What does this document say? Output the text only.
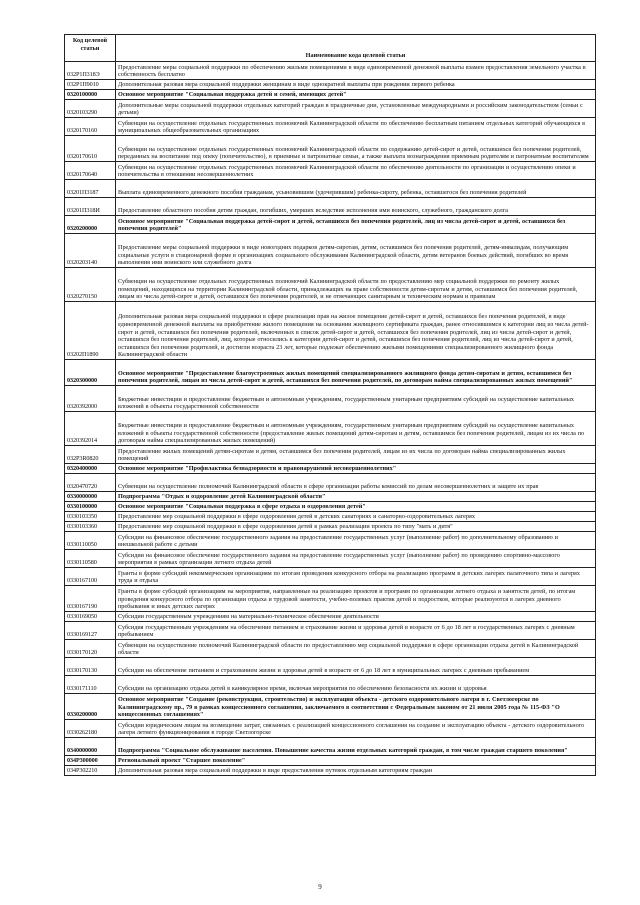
Код целевой статьи	Наименование кода целевой статьи
032Р1П318Э	Предоставление меры социальной поддержки по обеспечению жильми помещениями в виде единовременной денежной выплаты взамен предоставления земельного участка в собственность бесплатно
032Р1П9010	Дополнительная разовая мера социальной поддержки женщинам в виде однократной выплаты при рождении первого ребенка
0320100000	Основное мероприятие "Социальная поддержка детей и семей, имеющих детей"
0320103290	Дополнительные меры социальной поддержки отдельных категорий граждан в праздничные дни, установленные международными и российским законодательством (семьи с детьми)
0320170160	Субвенции на осуществление отдельных государственных полномочий Калининградской области по обеспечению бесплатным питанием отдельных категорий обучающихся в муниципальных общеобразовательных организациях
0320170610	Субвенции на осуществление отдельных государственных полномочий Калининградской области по содержанию детей-сирот и детей, оставшихся без попечения родителей, переданных на воспитание под опеку (попечительство), в приемные и патронатные семьи, а также выплата вознаграждения приемным родителям и патронатным воспитателям
0320170640	Субвенции на осуществление отдельных государственных полномочий Калининградской области по обеспечению деятельности по организации и осуществлению опеки и попечительства в отношении несовершеннолетних
03201П3187	Выплата единовременного денежного пособия гражданам, усыновившим (удочерившим) ребенка-сироту, ребенка, оставшегося без попечения родителей
03201П318И	Предоставление областного пособия детям граждан, погибших, умерших вследствие исполнения ими воинского, служебного, гражданского долга
0320200000	Основное мероприятие "Социальная поддержка детей-сирот и детей, оставшихся без попечения родителей, лиц из числа детей-сирот и детей, оставшихся без попечения родителей"
0320203140	Предоставление меры социальной поддержки в виде новогодних подарков детям-сиротам, детям, оставшимся без попечения родителей, детям-инвалидам, получающим социальные услуги в стационарной форме в организациях социального обслуживания Калининградской области, детям ветеранов боевых действий, погибших во время выполнения ими воинского или служебного долга
0320270150	Субвенции на осуществление отдельных государственных полномочий Калининградской области по предоставлению мер социальной поддержки по ремонту жилых помещений, находящихся на территории Калининградской области, принадлежащих на праве собственности детям-сиротам и детям, оставшимся без попечения родителей, лицам из числа детей-сирот и детей, оставшихся без попечения родителей, и не отвечающих санитарным и техническим нормам и правилам
03202П1890	Дополнительная разовая мера социальной поддержки в сфере реализации прав на жилое помещение детей-сирот и детей, оставшихся без попечения родителей, в виде единовременной денежной выплаты на приобретение жилого помещения на основании жилищного сертификата граждан, ранее относившимся к категории лиц из числа детей-сирот и детей, оставшихся без попечения родителей, включенных в список детей-сирот и детей, оставшихся без попечения родителей, лиц из числа детей-сирот и детей, оставшихся без попечения родителей, лиц, которые относились к категории детей-сирот и детей, оставшихся без попечения родителей, лиц из числа детей-сирот и детей, оставшихся без попечения родителей, и достигли возраста 23 лет, которые подлежат обеспечению жилыми помещениями специализированного жилищного фонда Калининградской области
0320300000	Основное мероприятие "Предоставление благоустроенных жилых помещений специализированного жилищного фонда детям-сиротам и детям, оставшимся без попечения родителей, лицам из числа детей-сирот и детей, оставшихся без попечения родителей, по договорам найма специализированных жилых помещений"
0320392000	Бюджетные инвестиции и предоставление бюджетным и автономным учреждениям, государственным унитарным предприятиям субсидий на осуществление капитальных вложений в объекты государственной собственности
0320392014	Бюджетные инвестиции и предоставление бюджетным и автономным учреждениям, государственным унитарным предприятиям субсидий на осуществление капитальных вложений в объекты государственной собственности (предоставление жилых помещений детям-сиротам и детям, оставшимся без попечения родителей, лицам из их числа по договорам найма специализированных жилых помещений)
032Р3R0820	Предоставление жилых помещений детям-сиротам и детям, оставшимся без попечения родителей, лицам из их числа по договорам найма специализированных жилых помещений
0320400000	Основное мероприятие "Профилактика безнадзорности и правонарушений несовершеннолетних"
0320470720	Субвенции на осуществление полномочий Калининградской области в сфере организации работы комиссий по делам несовершеннолетних и защите их прав
0330000000	Подпрограмма "Отдых и оздоровление детей Калининградской области"
0330100000	Основное мероприятие "Социальная поддержка в сфере отдыха и оздоровления детей"
0330103350	Предоставление мер социальной поддержки в сфере оздоровления детей в детских санаториях и санаторно-оздоровительных лагерях
0330103360	Предоставление мер социальной поддержки в сфере оздоровления детей в рамках реализации проекта по типу "мать и дитя"
0330110050	Субсидии на финансовое обеспечение государственного задания на предоставление государственных услуг (выполнение работ) по дополнительному образованию и внешкольной работе с детьми
0330110580	Субсидии на финансовое обеспечение государственного задания на предоставление государственных услуг (выполнение работ) по проведению спортивно-массового мероприятия в рамках организации летнего отдыха детей
0330167100	Гранты в форме субсидий некоммерческим организациям по итогам проведения конкурсного отбора на реализацию программ в детских лагерях палаточного типа и лагерях труда и отдыха
0330167190	Гранты в форме субсидий организациям на мероприятия, направленные на реализацию проектов и программ по организации летнего отдыха и занятости детей, по итогам проведения конкурсного отбора по организации отдыха и трудовой занятости, учебно-полевых практик детей и подростков, которые реализуются в лагерях дневного пребывания и иных детских лагерях
0330169050	Субсидии государственным учреждениям на материально-техническое обеспечение деятельности
0330169127	Субсидия государственным учреждениям на обеспечение питанием и страхование жизни и здоровья детей в возрасте от 6 до 18 лет в государственных лагерях с дневным пребыванием
0330170120	Субвенции на осуществление полномочий Калининградской области по предоставлению мер социальной поддержки в сфере организации отдыха детей в Калининградской области
0330170130	Субсидии на обеспечение питанием и страхованием жизни и здоровья детей в возрасте от 6 до 18 лет в муниципальных лагерях с дневным пребыванием
0330171110	Субсидии на организацию отдыха детей в каникулярное время, включая мероприятия по обеспечению безопасности их жизни и здоровья
0330200000	Основное мероприятие "Создание (реконструкция, строительство) и эксплуатация объекта - детского оздоровительного лагеря в г. Светлогорске по Калининградскому пр., 79 в рамках концессионного соглашения, заключаемого в соответствии с Федеральным законом от 21 июля 2005 года № 115-ФЗ "О концессионных соглашениях"
0330262180	Субсидии юридическим лицам на возмещение затрат, связанных с реализацией концессионного соглашения на создание и эксплуатацию объекта - детского оздоровительного лагеря летнего функционирования в городе Светлогорске
0340000000	Подпрограмма "Социальное обслуживание населения. Повышение качества жизни отдельных категорий граждан, в том числе граждан старшего поколения"
034Р300000	Региональный проект "Старшее поколение"
034Р302210	Дополнительная разовая мера социальной поддержки в виде предоставления путевок отдельным категориям граждан
9
